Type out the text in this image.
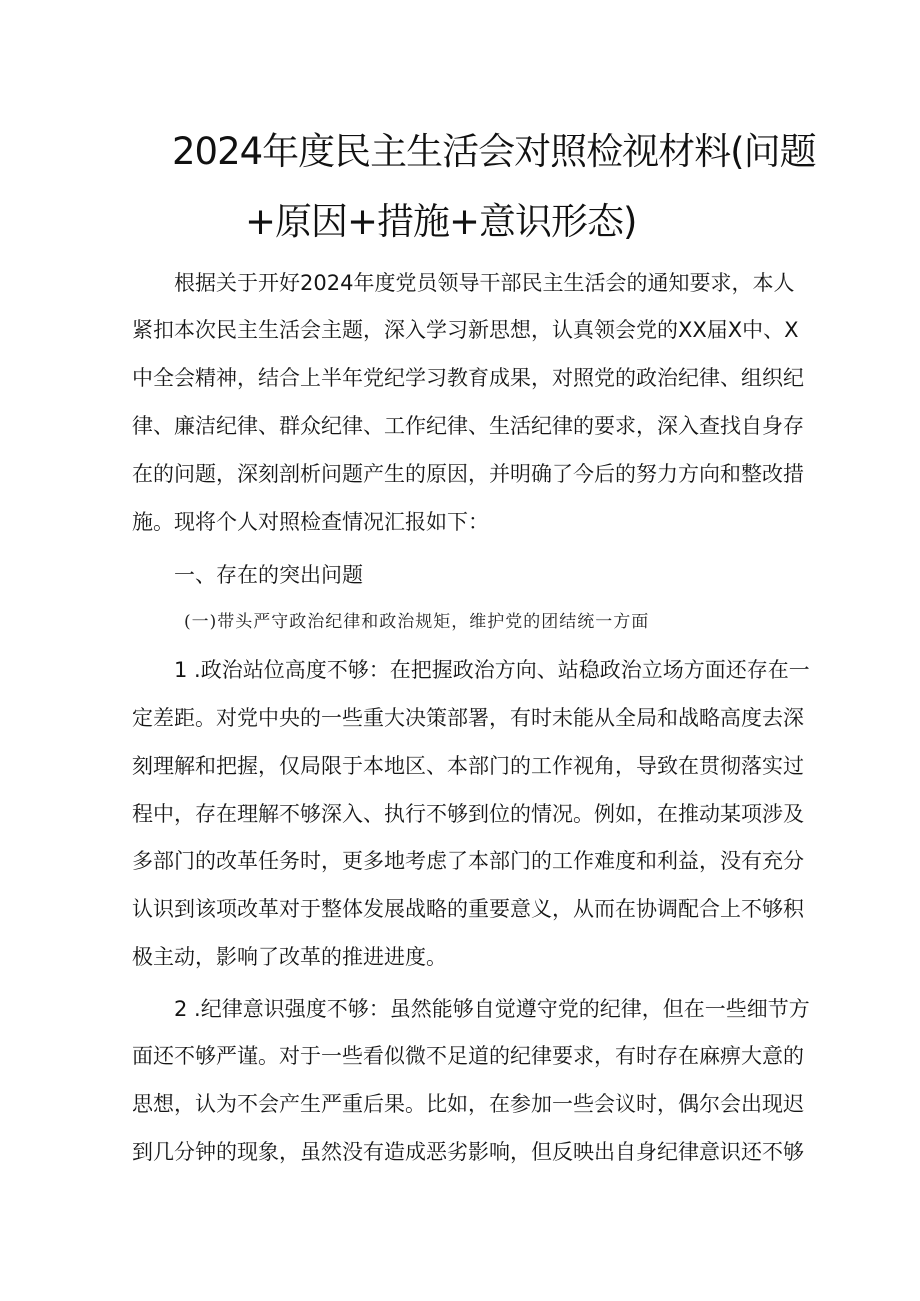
2024年度民主生活会对照检视材料(问题
+原因+措施+意识形态)
根据关于开好2024年度党员领导干部民主生活会的通知要求，本人
紧扣本次民主生活会主题，深入学习新思想，认真领会党的XX届X中、X
中全会精神，结合上半年党纪学习教育成果，对照党的政治纪律、组织纪
律、廉洁纪律、群众纪律、工作纪律、生活纪律的要求，深入查找自身存
在的问题，深刻剖析问题产生的原因，并明确了今后的努力方向和整改措
施。现将个人对照检查情况汇报如下：
一、存在的突出问题
(一)带头严守政治纪律和政治规矩，维护党的团结统一方面
1 .政治站位高度不够：在把握政治方向、站稳政治立场方面还存在一
定差距。对党中央的一些重大决策部署，有时未能从全局和战略高度去深
刻理解和把握，仅局限于本地区、本部门的工作视角，导致在贯彻落实过
程中，存在理解不够深入、执行不够到位的情况。例如，在推动某项涉及
多部门的改革任务时，更多地考虑了本部门的工作难度和利益，没有充分
认识到该项改革对于整体发展战略的重要意义，从而在协调配合上不够积
极主动，影响了改革的推进进度。
2 .纪律意识强度不够：虽然能够自觉遵守党的纪律，但在一些细节方
面还不够严谨。对于一些看似微不足道的纪律要求，有时存在麻痹大意的
思想，认为不会产生严重后果。比如，在参加一些会议时，偶尔会出现迟
到几分钟的现象，虽然没有造成恶劣影响，但反映出自身纪律意识还不够
